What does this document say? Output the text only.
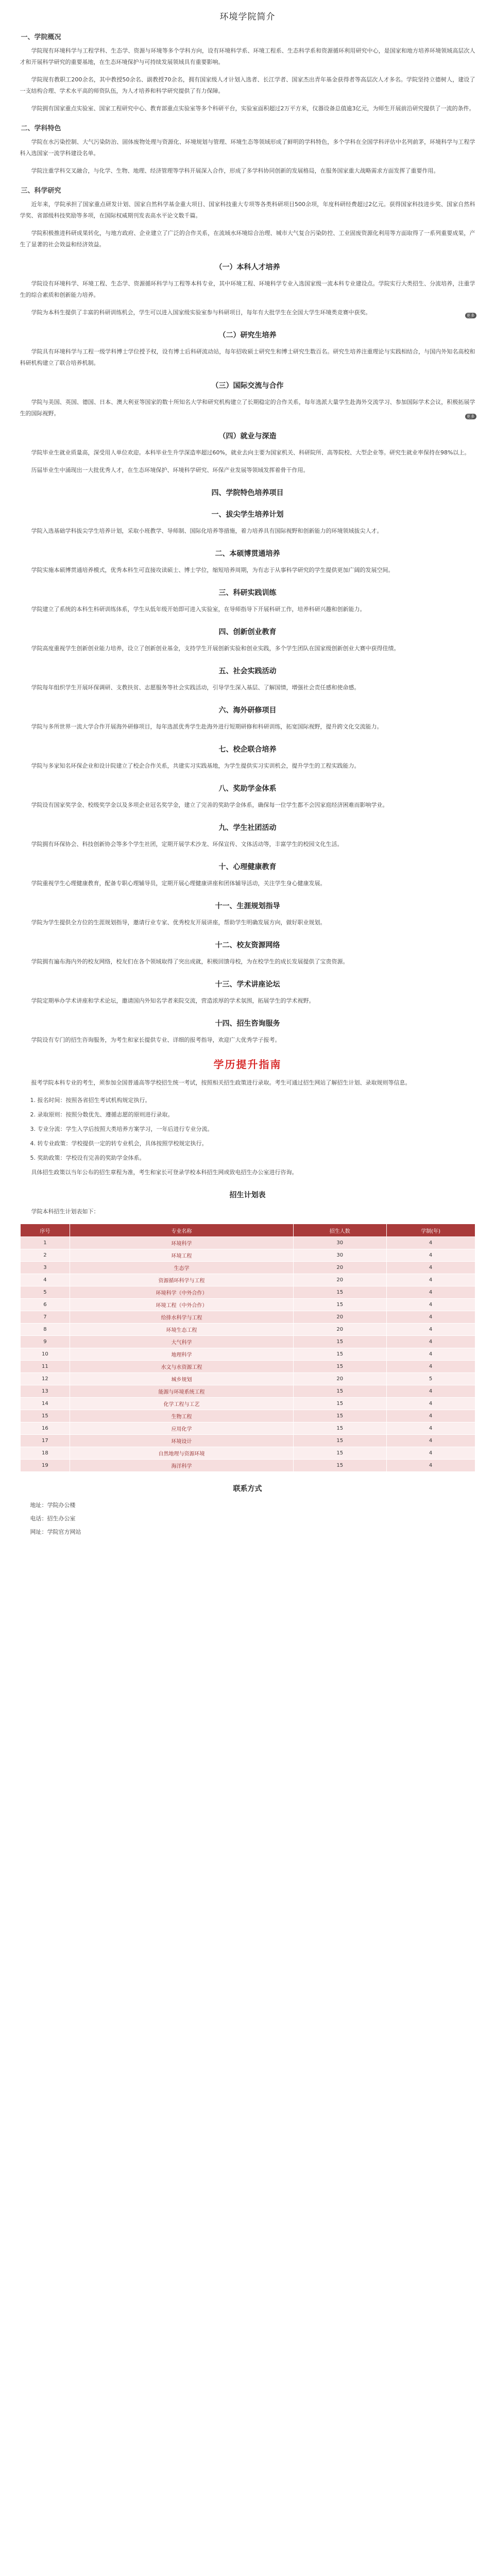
环境学院简介
一、学院概况

学院现有环境科学与工程学科、生态学、资源与环境等多个学科方向，设有环境科学系、环境工程系、生态科学系和资源循环利用研究中心，是国家和地方培养环境领域高层次人才和开展科学研究的重要基地，在生态环境保护与可持续发展领域具有重要影响。

学院现有教职工200余名，其中教授50余名、副教授70余名，拥有国家级人才计划入选者、长江学者、国家杰出青年基金获得者等高层次人才多名。学院坚持立德树人，建设了一支结构合理、学术水平高的师资队伍，为人才培养和科学研究提供了有力保障。

学院拥有国家重点实验室、国家工程研究中心、教育部重点实验室等多个科研平台，实验室面积超过2万平方米，仪器设备总值逾3亿元，为师生开展前沿研究提供了一流的条件。

二、学科特色

学院在水污染控制、大气污染防治、固体废物处理与资源化、环境规划与管理、环境生态等领域形成了鲜明的学科特色，多个学科在全国学科评估中名列前茅，环境科学与工程学科入选国家一流学科建设名单。

学院注重学科交叉融合，与化学、生物、地理、经济管理等学科开展深入合作，形成了多学科协同创新的发展格局，在服务国家重大战略需求方面发挥了重要作用。

三、科学研究

近年来，学院承担了国家重点研发计划、国家自然科学基金重大项目、国家科技重大专项等各类科研项目500余项，年度科研经费超过2亿元。获得国家科技进步奖、国家自然科学奖、省部级科技奖励等多项，在国际权威期刊发表高水平论文数千篇。

学院积极推进科研成果转化，与地方政府、企业建立了广泛的合作关系，在流域水环境综合治理、城市大气复合污染防控、工业固废资源化利用等方面取得了一系列重要成果，产生了显著的社会效益和经济效益。

（一）本科人才培养

学院设有环境科学、环境工程、生态学、资源循环科学与工程等本科专业，其中环境工程、环境科学专业入选国家级一流本科专业建设点。学院实行大类招生、分流培养，注重学生的综合素质和创新能力培养。

学院为本科生提供了丰富的科研训练机会，学生可以进入国家级实验室参与科研项目，每年有大批学生在全国大学生环境类竞赛中获奖。	更多
（二）研究生培养

学院具有环境科学与工程一级学科博士学位授予权，设有博士后科研流动站，每年招收硕士研究生和博士研究生数百名。研究生培养注重理论与实践相结合，与国内外知名高校和科研机构建立了联合培养机制。

（三）国际交流与合作

学院与美国、英国、德国、日本、澳大利亚等国家的数十所知名大学和研究机构建立了长期稳定的合作关系，每年选派大量学生赴海外交流学习、参加国际学术会议，积极拓展学生的国际视野。	更多
（四）就业与深造

学院毕业生就业质量高，深受用人单位欢迎。本科毕业生升学深造率超过60%，就业去向主要为国家机关、科研院所、高等院校、大型企业等。研究生就业率保持在98%以上。

历届毕业生中涌现出一大批优秀人才，在生态环境保护、环境科学研究、环保产业发展等领域发挥着骨干作用。

四、学院特色培养项目
一、拔尖学生培养计划

学院入选基础学科拔尖学生培养计划，采取小班教学、导师制、国际化培养等措施，着力培养具有国际视野和创新能力的环境领域拔尖人才。

二、本硕博贯通培养

学院实施本硕博贯通培养模式，优秀本科生可直接攻读硕士、博士学位，缩短培养周期，为有志于从事科学研究的学生提供更加广阔的发展空间。

三、科研实践训练

学院建立了系统的本科生科研训练体系，学生从低年级开始即可进入实验室，在导师指导下开展科研工作，培养科研兴趣和创新能力。

四、创新创业教育

学院高度重视学生创新创业能力培养，设立了创新创业基金，支持学生开展创新实验和创业实践，多个学生团队在国家级创新创业大赛中获得佳绩。

五、社会实践活动

学院每年组织学生开展环保调研、支教扶贫、志愿服务等社会实践活动，引导学生深入基层、了解国情，增强社会责任感和使命感。

六、海外研修项目

学院与多所世界一流大学合作开展海外研修项目，每年选派优秀学生赴海外进行短期研修和科研训练，拓宽国际视野，提升跨文化交流能力。

七、校企联合培养

学院与多家知名环保企业和设计院建立了校企合作关系，共建实习实践基地，为学生提供实习实训机会，提升学生的工程实践能力。

八、奖助学金体系

学院设有国家奖学金、校级奖学金以及多项企业冠名奖学金，建立了完善的奖助学金体系，确保每一位学生都不会因家庭经济困难而影响学业。

九、学生社团活动

学院拥有环保协会、科技创新协会等多个学生社团，定期开展学术沙龙、环保宣传、文体活动等，丰富学生的校园文化生活。

十、心理健康教育

学院重视学生心理健康教育，配备专职心理辅导员，定期开展心理健康讲座和团体辅导活动，关注学生身心健康发展。

十一、生涯规划指导

学院为学生提供全方位的生涯规划指导，邀请行业专家、优秀校友开展讲座，帮助学生明确发展方向，做好职业规划。

十二、校友资源网络

学院拥有遍布海内外的校友网络，校友们在各个领域取得了突出成就，积极回馈母校，为在校学生的成长发展提供了宝贵资源。

十三、学术讲座论坛

学院定期举办学术讲座和学术论坛，邀请国内外知名学者来院交流，营造浓厚的学术氛围，拓展学生的学术视野。

十四、招生咨询服务

学院设有专门的招生咨询服务，为考生和家长提供专业、详细的报考指导，欢迎广大优秀学子报考。

学历提升指南

报考学院本科专业的考生，须参加全国普通高等学校招生统一考试，按照相关招生政策进行录取。考生可通过招生网站了解招生计划、录取规则等信息。

1. 报名时间：按照各省招生考试机构规定执行。
2. 录取原则：按照分数优先、遵循志愿的原则进行录取。
3. 专业分流：学生入学后按照大类培养方案学习，一年后进行专业分流。
4. 转专业政策：学校提供一定的转专业机会，具体按照学校规定执行。
5. 奖助政策：学校设有完善的奖助学金体系。

具体招生政策以当年公布的招生章程为准，考生和家长可登录学校本科招生网或致电招生办公室进行咨询。

招生计划表

学院本科招生计划表如下：

序号	专业名称	招生人数	学制(年)
1	环境科学	30	4
2	环境工程	30	4
3	生态学	20	4
4	资源循环科学与工程	20	4
5	环境科学（中外合作）	15	4
6	环境工程（中外合作）	15	4
7	给排水科学与工程	20	4
8	环境生态工程	20	4
9	大气科学	15	4
10	地理科学	15	4
11	水文与水资源工程	15	4
12	城乡规划	20	5
13	能源与环境系统工程	15	4
14	化学工程与工艺	15	4
15	生物工程	15	4
16	应用化学	15	4
17	环境设计	15	4
18	自然地理与资源环境	15	4
19	海洋科学	15	4
联系方式
地址：学院办公楼
电话：招生办公室
网址：学院官方网站
